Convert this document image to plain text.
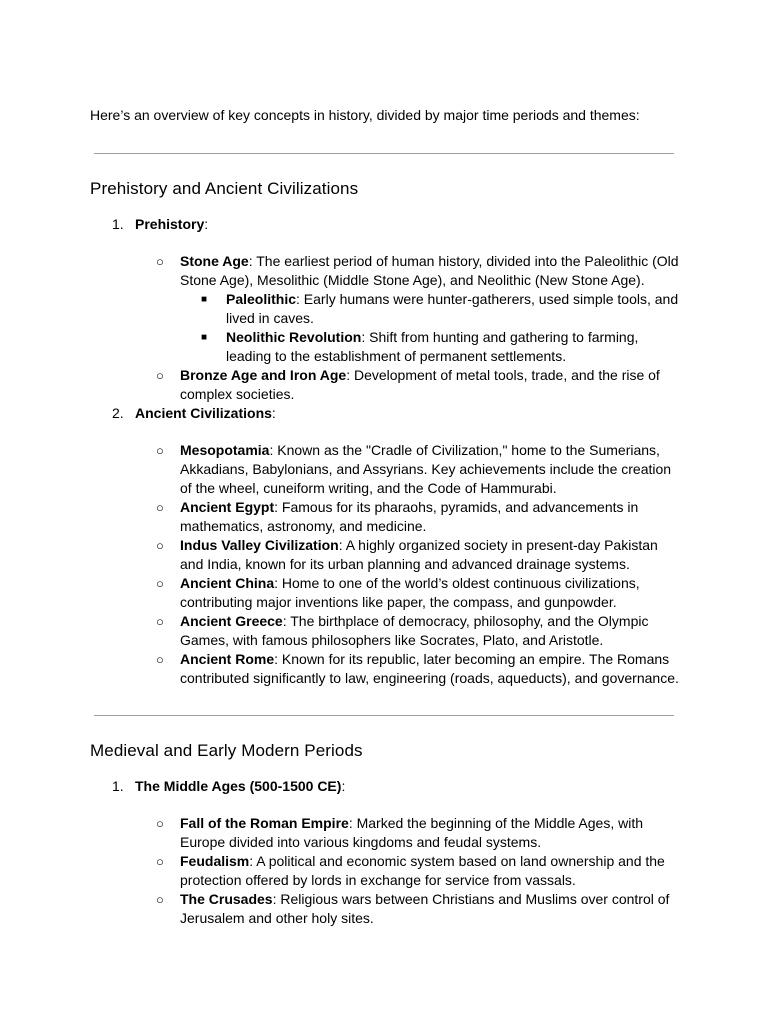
Here’s an overview of key concepts in history, divided by major time periods and themes:

Prehistory and Ancient Civilizations
1. Prehistory:
○ Stone Age: The earliest period of human history, divided into the Paleolithic (Old Stone Age), Mesolithic (Middle Stone Age), and Neolithic (New Stone Age).
■ Paleolithic: Early humans were hunter-gatherers, used simple tools, and lived in caves.
■ Neolithic Revolution: Shift from hunting and gathering to farming, leading to the establishment of permanent settlements.
○ Bronze Age and Iron Age: Development of metal tools, trade, and the rise of complex societies.
2. Ancient Civilizations:
○ Mesopotamia: Known as the "Cradle of Civilization," home to the Sumerians, Akkadians, Babylonians, and Assyrians. Key achievements include the creation of the wheel, cuneiform writing, and the Code of Hammurabi.
○ Ancient Egypt: Famous for its pharaohs, pyramids, and advancements in mathematics, astronomy, and medicine.
○ Indus Valley Civilization: A highly organized society in present-day Pakistan and India, known for its urban planning and advanced drainage systems.
○ Ancient China: Home to one of the world’s oldest continuous civilizations, contributing major inventions like paper, the compass, and gunpowder.
○ Ancient Greece: The birthplace of democracy, philosophy, and the Olympic Games, with famous philosophers like Socrates, Plato, and Aristotle.
○ Ancient Rome: Known for its republic, later becoming an empire. The Romans contributed significantly to law, engineering (roads, aqueducts), and governance.
Medieval and Early Modern Periods
1. The Middle Ages (500-1500 CE):
○ Fall of the Roman Empire: Marked the beginning of the Middle Ages, with Europe divided into various kingdoms and feudal systems.
○ Feudalism: A political and economic system based on land ownership and the protection offered by lords in exchange for service from vassals.
○ The Crusades: Religious wars between Christians and Muslims over control of Jerusalem and other holy sites.
